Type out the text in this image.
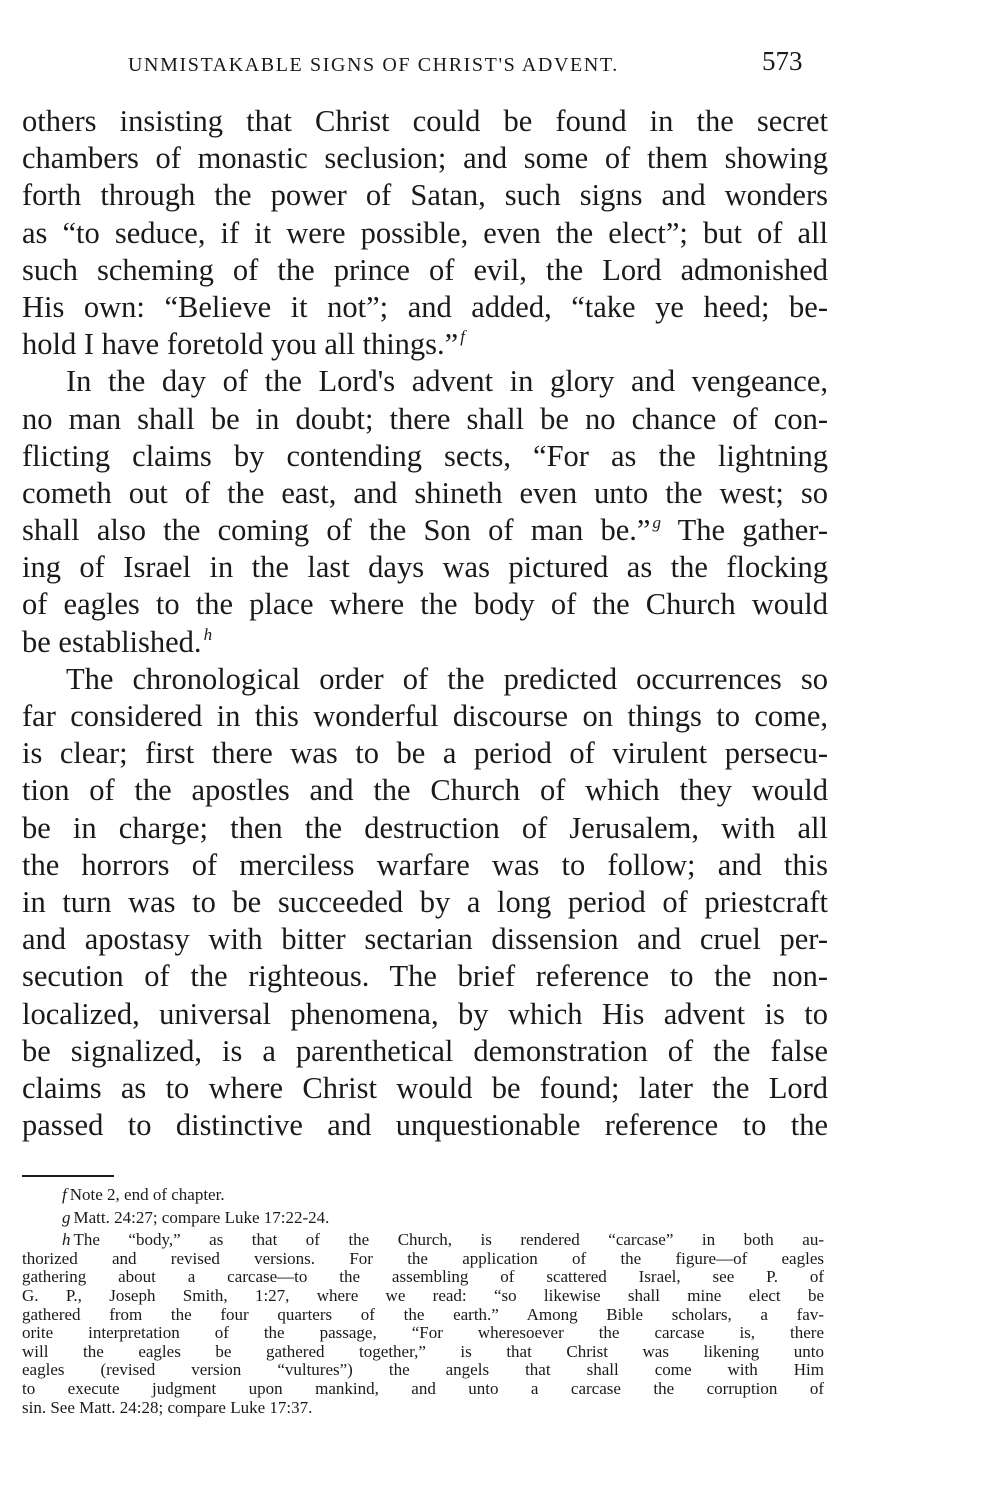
UNMISTAKABLE SIGNS OF CHRIST'S ADVENT.	573
others insisting that Christ could be found in the secret
chambers of monastic seclusion; and some of them showing
forth through the power of Satan, such signs and wonders
as “to seduce, if it were possible, even the elect”; but of all
such scheming of the prince of evil, the Lord admonished
His own: “Believe it not”; and added, “take ye heed; be-
hold I have foretold you all things.” $^f$
In the day of the Lord's advent in glory and vengeance,
no man shall be in doubt; there shall be no chance of con-
flicting claims by contending sects, “For as the lightning
cometh out of the east, and shineth even unto the west; so
shall also the coming of the Son of man be.” $^g$ The gather-
ing of Israel in the last days was pictured as the flocking
of eagles to the place where the body of the Church would
be established. $^h$
The chronological order of the predicted occurrences so
far considered in this wonderful discourse on things to come,
is clear; first there was to be a period of virulent persecu-
tion of the apostles and the Church of which they would
be in charge; then the destruction of Jerusalem, with all
the horrors of merciless warfare was to follow; and this
in turn was to be succeeded by a long period of priestcraft
and apostasy with bitter sectarian dissension and cruel per-
secution of the righteous. The brief reference to the non-
localized, universal phenomena, by which His advent is to
be signalized, is a parenthetical demonstration of the false
claims as to where Christ would be found; later the Lord
passed to distinctive and unquestionable reference to the
f Note 2, end of chapter.
g Matt. 24:27; compare Luke 17:22-24.
h The “body,” as that of the Church, is rendered “carcase” in both au-
thorized and revised versions. For the application of the figure—of eagles
gathering about a carcase—to the assembling of scattered Israel, see P. of
G. P., Joseph Smith, 1:27, where we read: “so likewise shall mine elect be
gathered from the four quarters of the earth.” Among Bible scholars, a fav-
orite interpretation of the passage, “For wheresoever the carcase is, there
will the eagles be gathered together,” is that Christ was likening unto
eagles (revised version “vultures”) the angels that shall come with Him
to execute judgment upon mankind, and unto a carcase the corruption of
sin. See Matt. 24:28; compare Luke 17:37.
